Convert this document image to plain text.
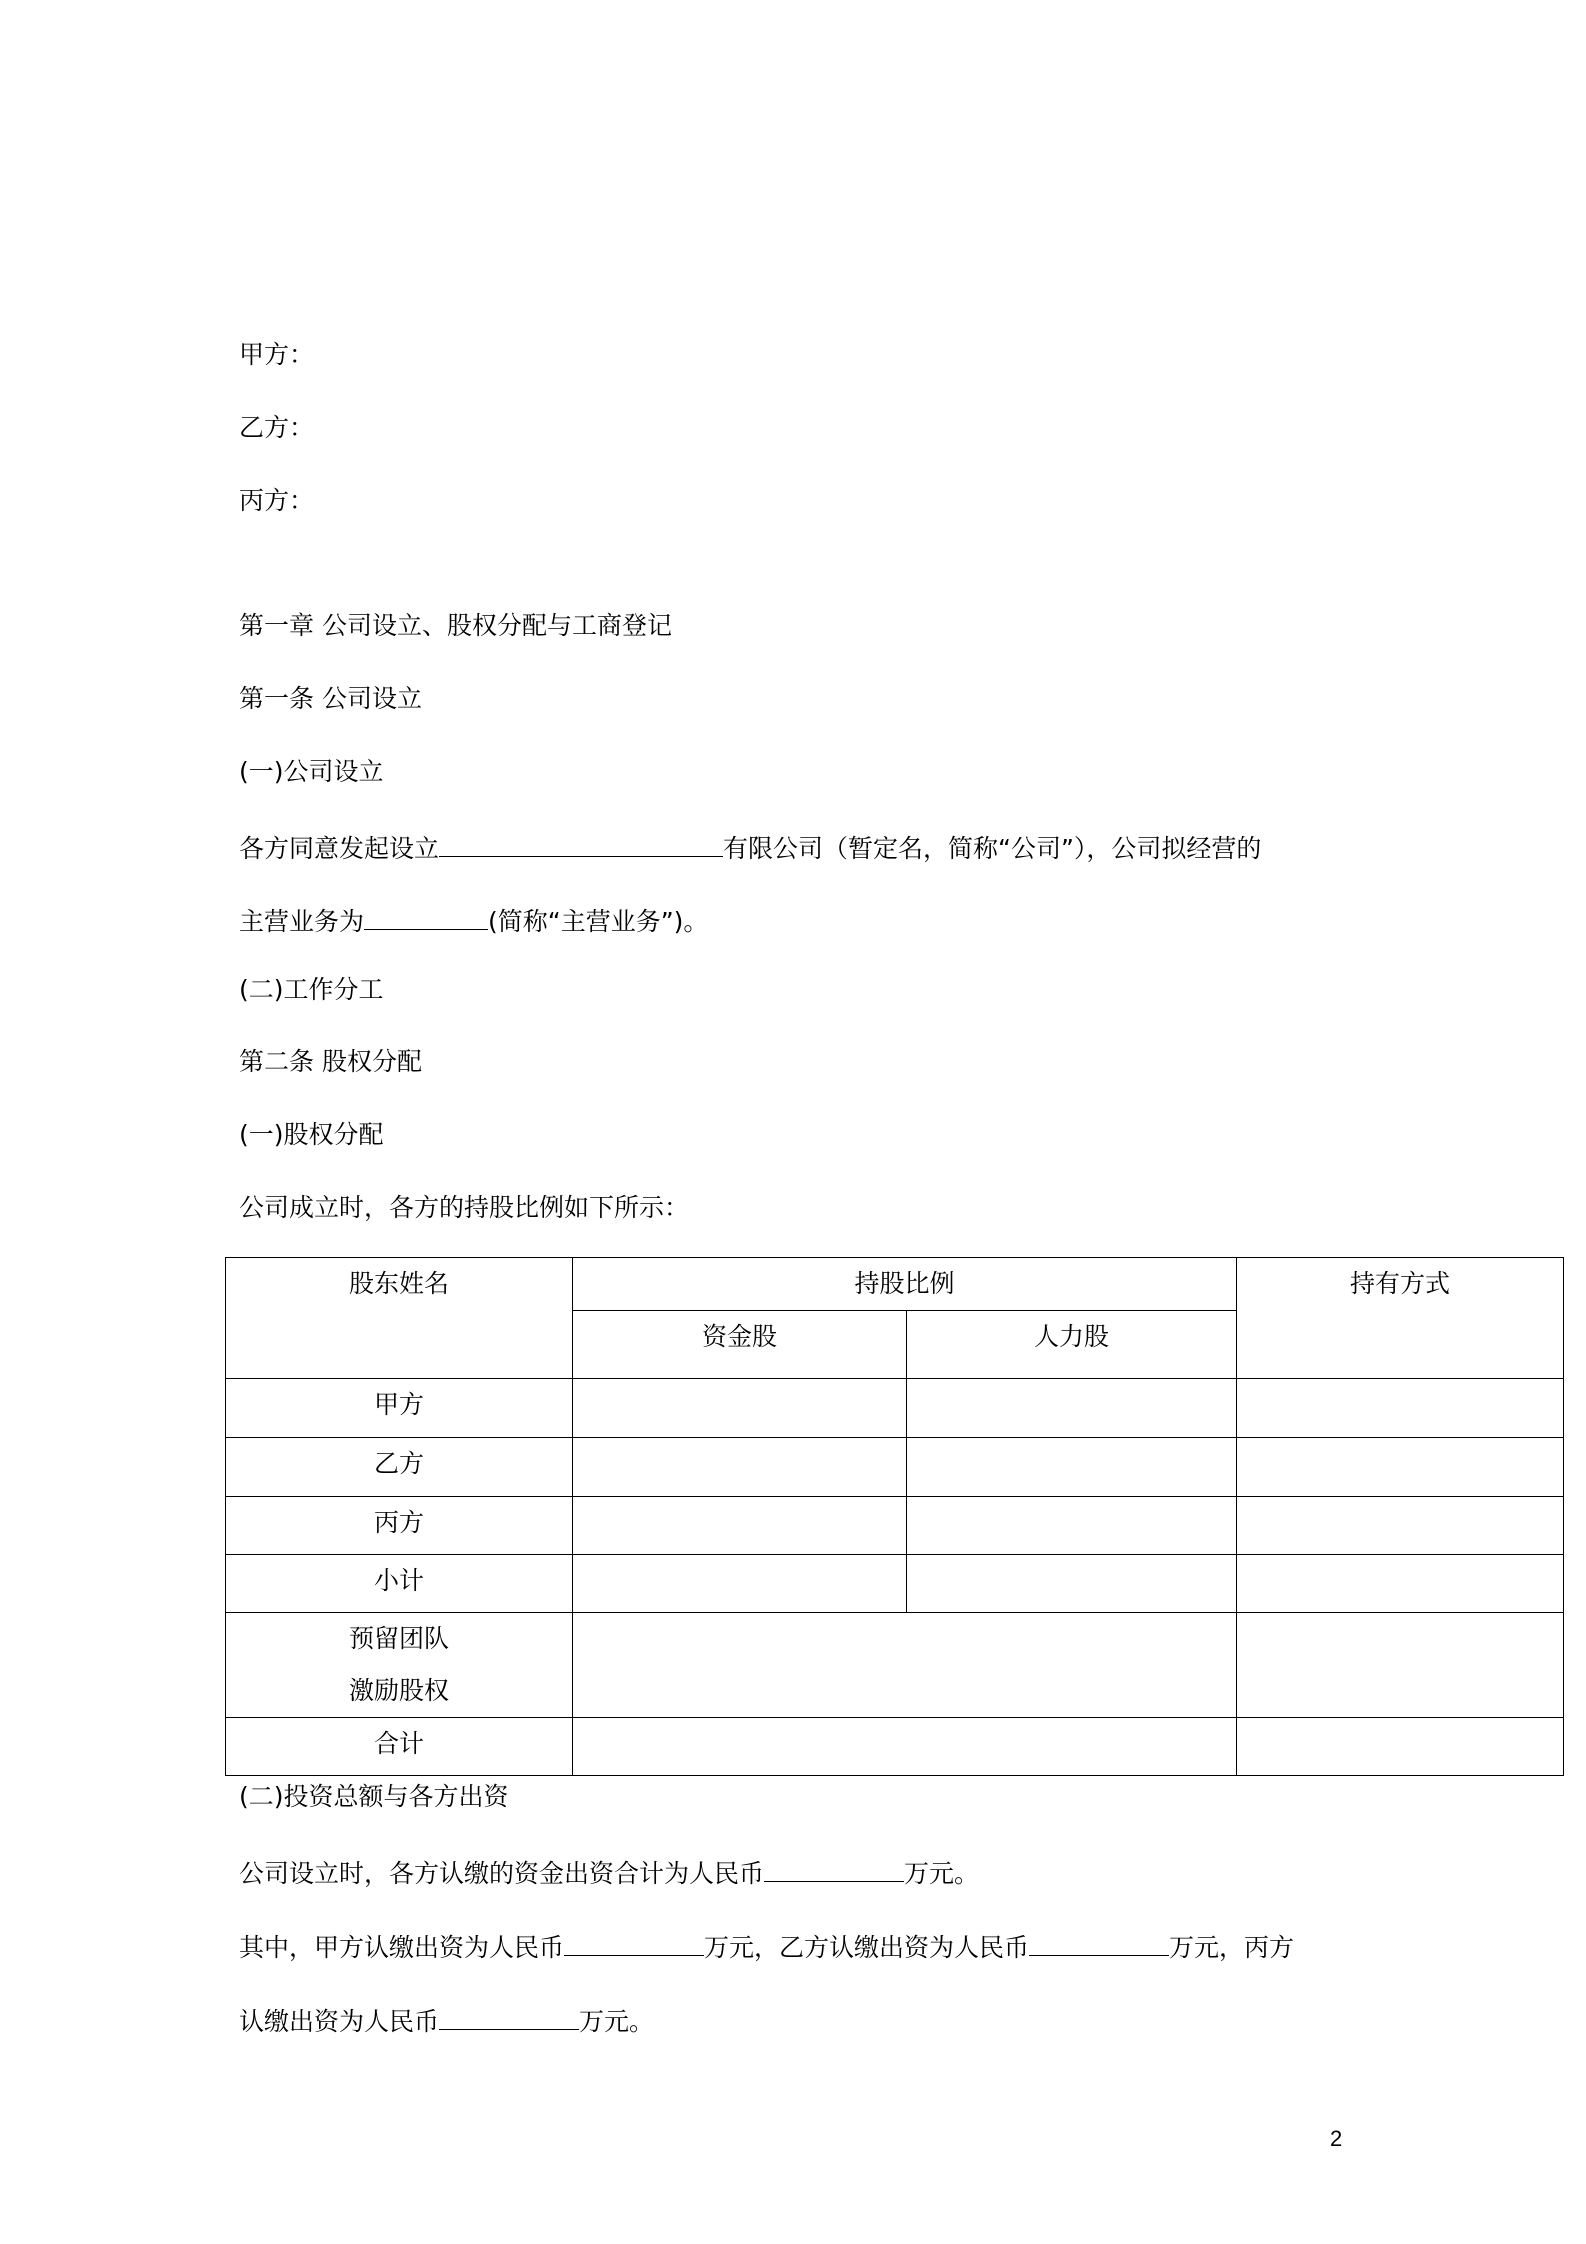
甲方：
乙方：
丙方：
第一章 公司设立、股权分配与工商登记
第一条 公司设立
(一)公司设立
各方同意发起设立	有限公司（暂定名，简称“公司”），公司拟经营的
主营业务为	(简称“主营业务”)。
(二)工作分工
第二条 股权分配
(一)股权分配
公司成立时，各方的持股比例如下所示：
股东姓名	持股比例		持有方式
	资金股	人力股	
甲方			
乙方			
丙方			
小计			

预留团队
激励股权			

合计			
(二)投资总额与各方出资
公司设立时，各方认缴的资金出资合计为人民币	万元。
其中，甲方认缴出资为人民币	万元，乙方认缴出资为人民币	万元，丙方
认缴出资为人民币	万元。
2
